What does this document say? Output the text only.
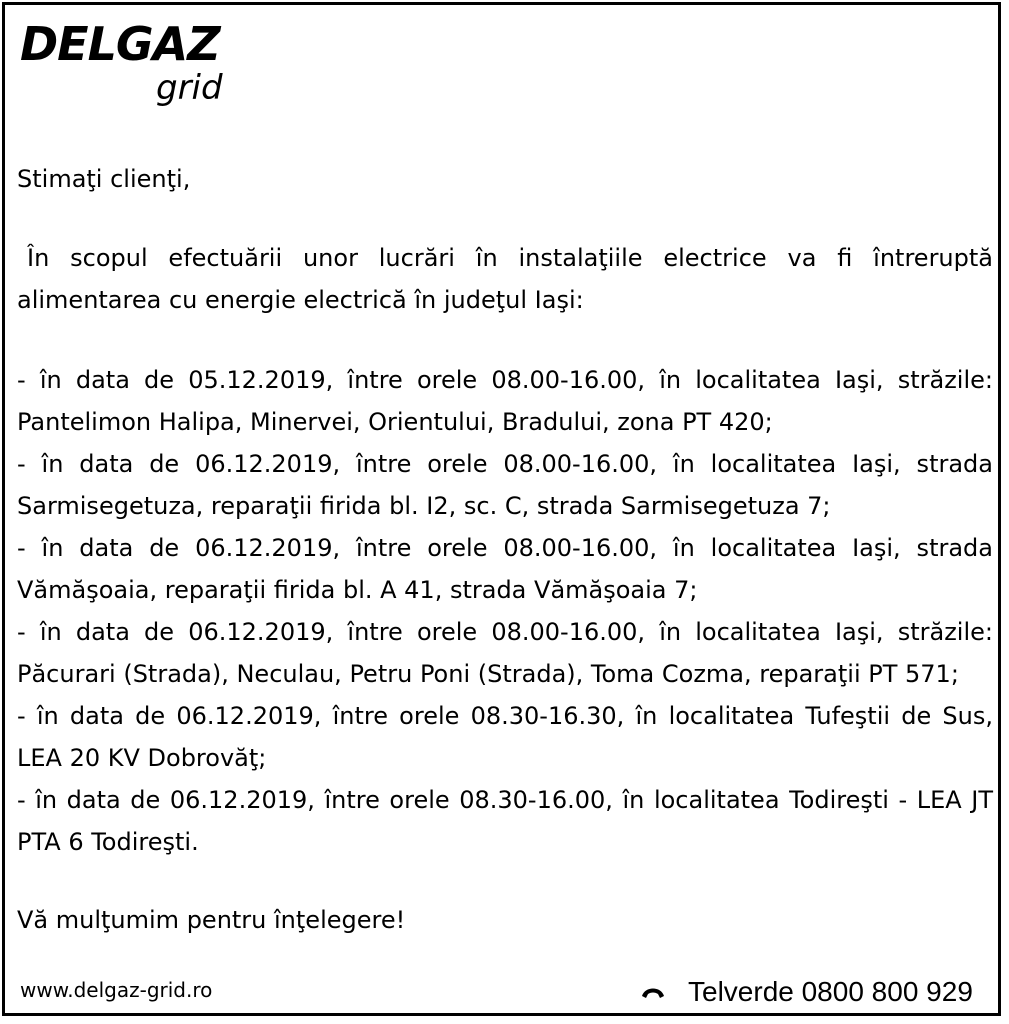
DELGAZ
grid

Stimaţi clienţi,

În scopul efectuării unor lucrări în instalaţiile electrice va fi întreruptă alimentarea cu energie electrică în judeţul Iaşi:

- în data de 05.12.2019, între orele 08.00-16.00, în localitatea Iaşi, străzile: Pantelimon Halipa, Minervei, Orientului, Bradului, zona PT 420;
- în data de 06.12.2019, între orele 08.00-16.00, în localitatea Iaşi, strada Sarmisegetuza, reparaţii firida bl. I2, sc. C, strada Sarmisegetuza 7;
- în data de 06.12.2019, între orele 08.00-16.00, în localitatea Iaşi, strada Vămăşoaia, reparaţii firida bl. A 41, strada Vămăşoaia 7;
- în data de 06.12.2019, între orele 08.00-16.00, în localitatea Iaşi, străzile: Păcurari (Strada), Neculau, Petru Poni (Strada), Toma Cozma, reparaţii PT 571;
- în data de 06.12.2019, între orele 08.30-16.30, în localitatea Tufeştii de Sus, LEA 20 KV Dobrovăţ;
- în data de 06.12.2019, între orele 08.30-16.00, în localitatea Todireşti - LEA JT PTA 6 Todireşti.

Vă mulţumim pentru înţelegere!

www.delgaz-grid.ro	Telverde 0800 800 929
